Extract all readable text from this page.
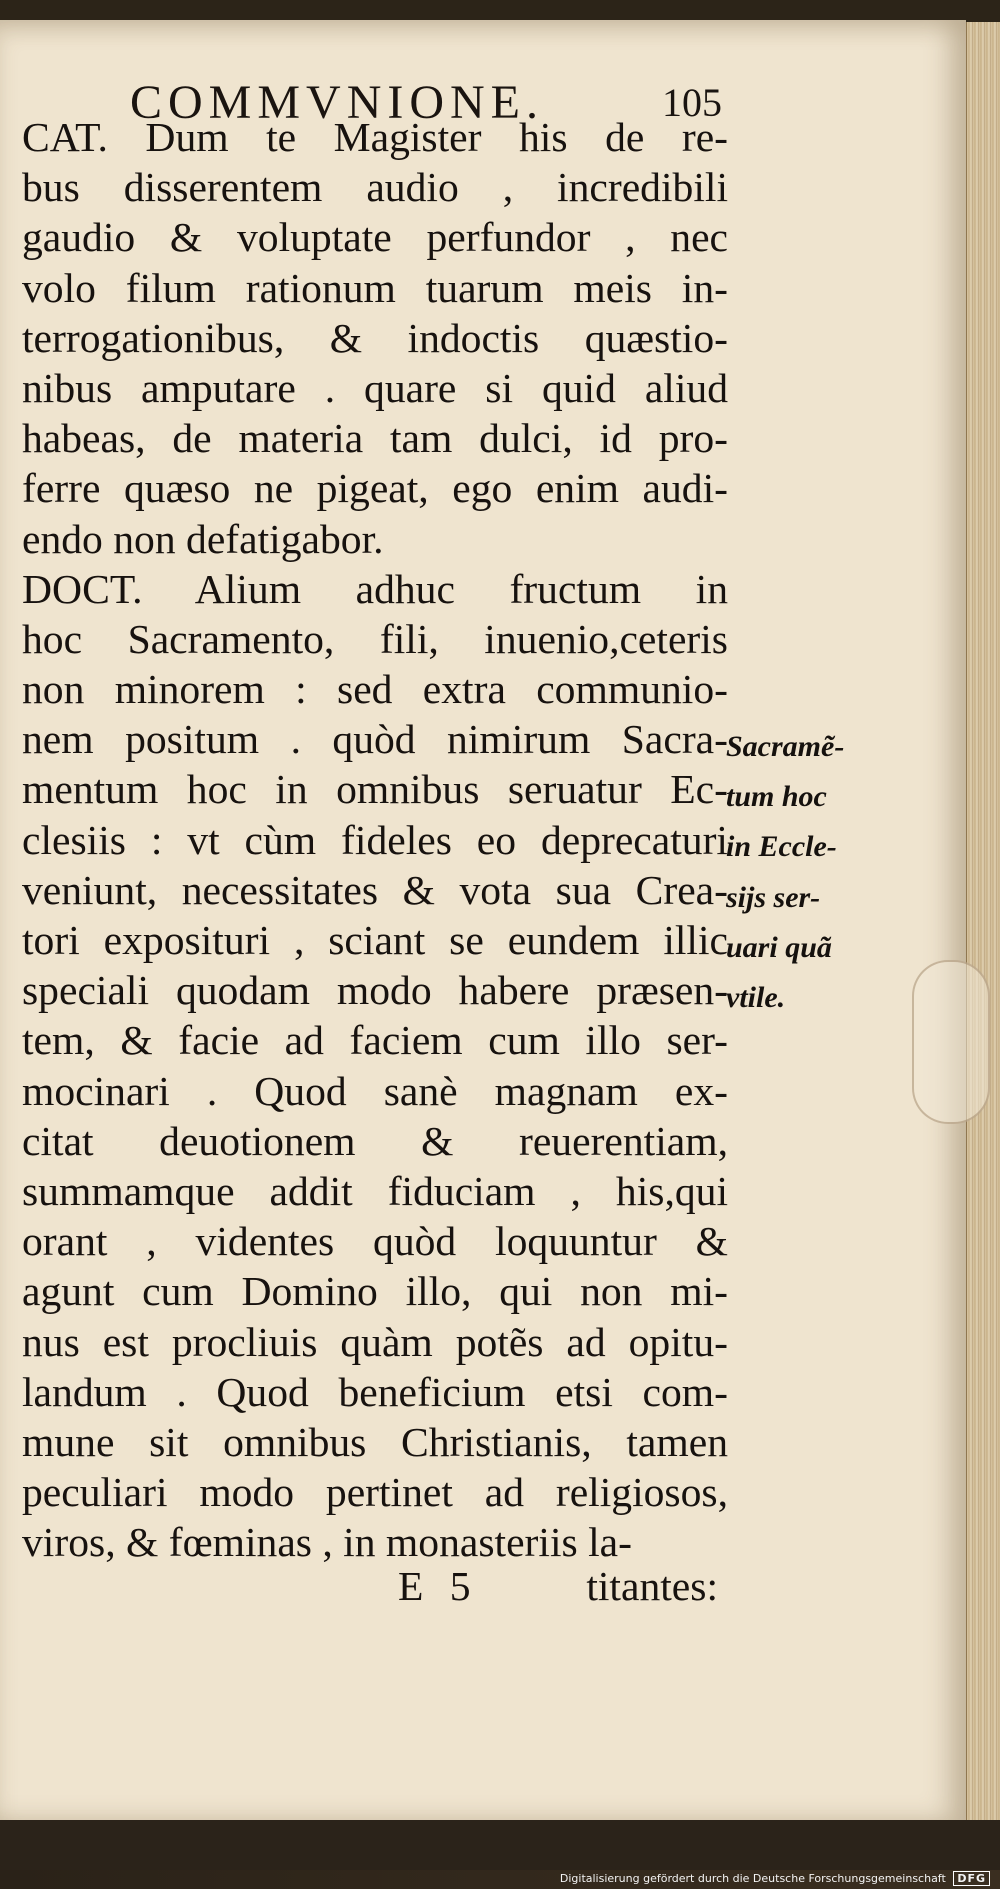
COMMVNIONE.	105
CAT. Dum te Magister his de re-
bus disserentem audio , incredibili
gaudio & voluptate perfundor , nec
volo filum rationum tuarum meis in-
terrogationibus, & indoctis quæstio-
nibus amputare . quare si quid aliud
habeas, de materia tam dulci, id pro-
ferre quæso ne pigeat, ego enim audi-
endo non defatigabor.
DOCT. Alium adhuc fructum in
hoc Sacramento, fili, inuenio,ceteris
non minorem : sed extra communio-
nem positum . quòd nimirum Sacra-
mentum hoc in omnibus seruatur Ec-
clesiis : vt cùm fideles eo deprecaturi
veniunt, necessitates & vota sua Crea-
tori exposituri , sciant se eundem illic
speciali quodam modo habere præsen-
tem, & facie ad faciem cum illo ser-
mocinari . Quod sanè magnam ex-
citat deuotionem & reuerentiam,
summamque addit fiduciam , his,qui
orant , videntes quòd loquuntur &
agunt cum Domino illo, qui non mi-
nus est procliuis quàm potẽs ad opitu-
landum . Quod beneficium etsi com-
mune sit omnibus Christianis, tamen
peculiari modo pertinet ad religiosos,
viros, & fœminas , in monasteriis la-
Sacramẽ-
tum hoc
in Eccle-
sijs ser-
uari quã
vtile.
E 5	titantes:
Digitalisierung gefördert durch die Deutsche Forschungsgemeinschaft DFG
